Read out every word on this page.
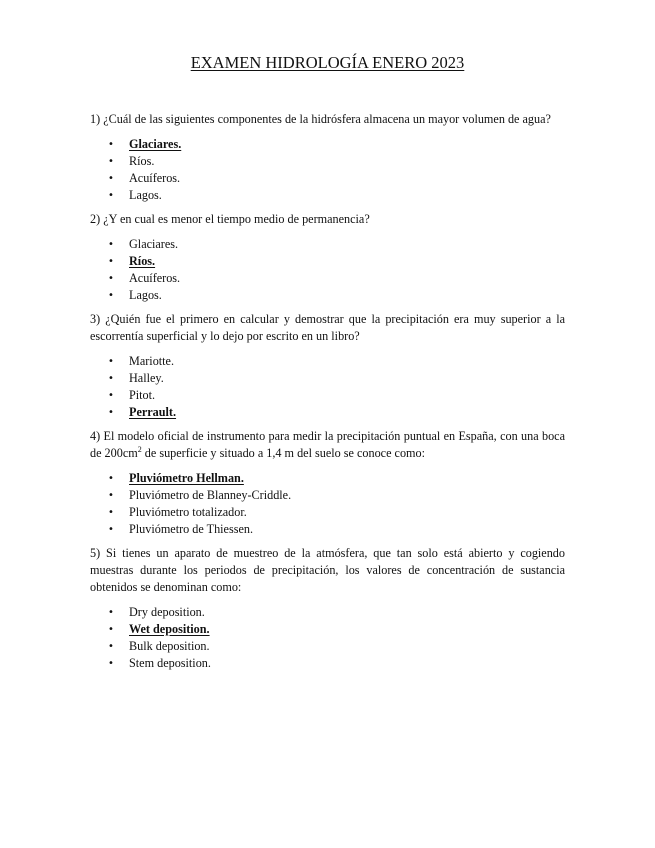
EXAMEN HIDROLOGÍA ENERO 2023

1) ¿Cuál de las siguientes componentes de la hidrósfera almacena un mayor volumen de agua?

• Glaciares.
• Ríos.
• Acuíferos.
• Lagos.

2) ¿Y en cual es menor el tiempo medio de permanencia?

• Glaciares.
• Ríos.
• Acuíferos.
• Lagos.

3) ¿Quién fue el primero en calcular y demostrar que la precipitación era muy superior a la escorrentía superficial y lo dejo por escrito en un libro?

• Mariotte.
• Halley.
• Pitot.
• Perrault.

4) El modelo oficial de instrumento para medir la precipitación puntual en España, con una boca de $200cm^2$ de superficie y situado a 1,4 m del suelo se conoce como:

• Pluviómetro Hellman.
• Pluviómetro de Blanney-Criddle.
• Pluviómetro totalizador.
• Pluviómetro de Thiessen.

5) Si tienes un aparato de muestreo de la atmósfera, que tan solo está abierto y cogiendo muestras durante los periodos de precipitación, los valores de concentración de sustancia obtenidos se denominan como:

• Dry deposition.
• Wet deposition.
• Bulk deposition.
• Stem deposition.
